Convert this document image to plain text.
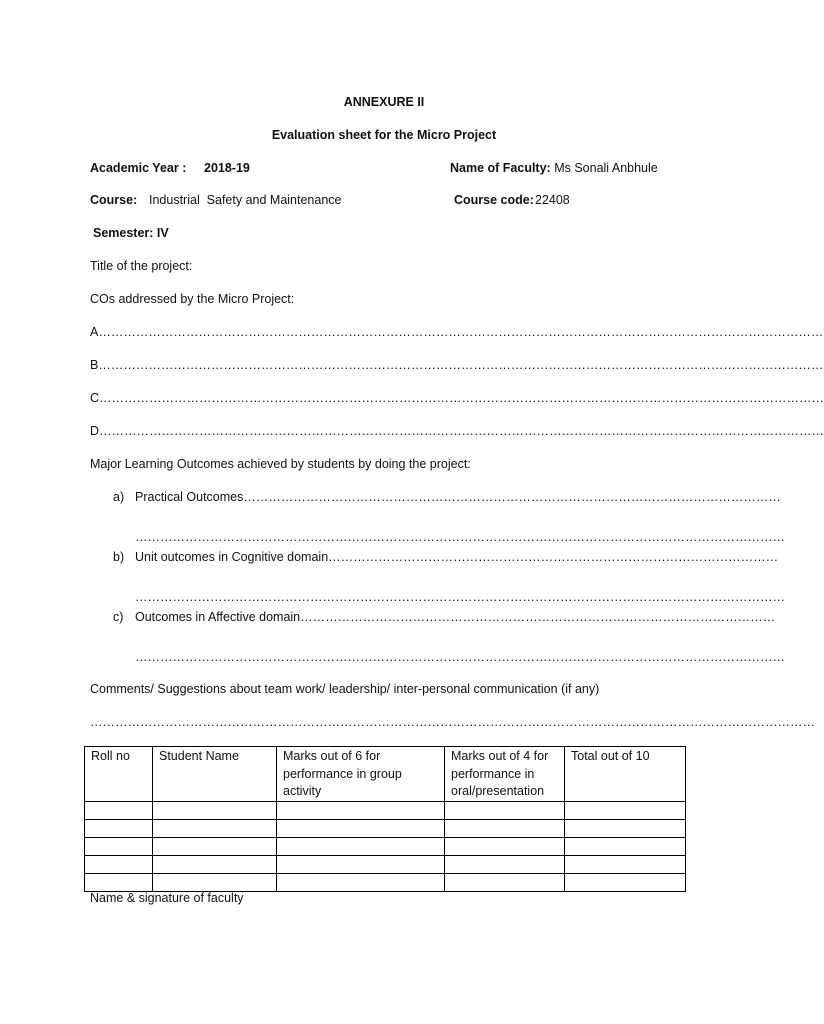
ANNEXURE II
Evaluation sheet for the Micro Project
Academic Year : 2018-19	Name of Faculty: Ms Sonali Anbhule
Course: Industrial  Safety and Maintenance	Course code: 22408
Semester: IV
Title of the project:
COs addressed by the Micro Project:
A…………………………………………………………………………………………………………………………………………………………
B…………………………………………………………………………………………………………………………………………………………
C…………………………………………………………………………………………………………………………………………………………
D…………………………………………………………………………………………………………………………………………………………
Major Learning Outcomes achieved by students by doing the project:
a) Practical Outcomes…………………………………………………………………………………………………………………
…………………………………………………………………………………………………………………………………………
b) Unit outcomes in Cognitive domain………………………………………………………………………………………………
…………………………………………………………………………………………………………………………………………
c) Outcomes in Affective domain……………………………………………………………………………………………………
…………………………………………………………………………………………………………………………………………
Comments/ Suggestions about team work/ leadership/ inter-personal communication (if any)
…………………………………………………………………………………………………………………………………………………………
Roll no	Student Name	Marks out of 6 for performance in group activity	Marks out of 4 for performance in oral/presentation	Total out of 10

Name & signature of faculty
